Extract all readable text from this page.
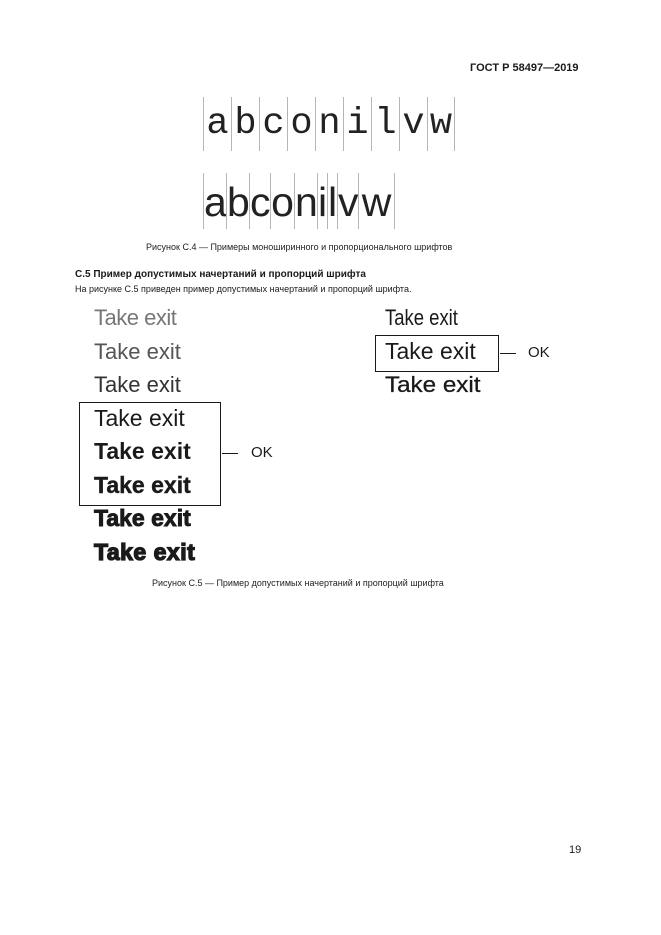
ГОСТ Р 58497—2019
a b c o n i l v w
a b c o n i l v w
Рисунок С.4 — Примеры моноширинного и пропорционального шрифтов
С.5 Пример допустимых начертаний и пропорций шрифта
На рисунке С.5 приведен пример допустимых начертаний и пропорций шрифта.
Take exit
Take exit
Take exit
Take exit
Take exit
Take exit
Take exit
Take exit
OK
Take exit
Take exit
Take exit
OK
Рисунок С.5 — Пример допустимых начертаний и пропорций шрифта
19
